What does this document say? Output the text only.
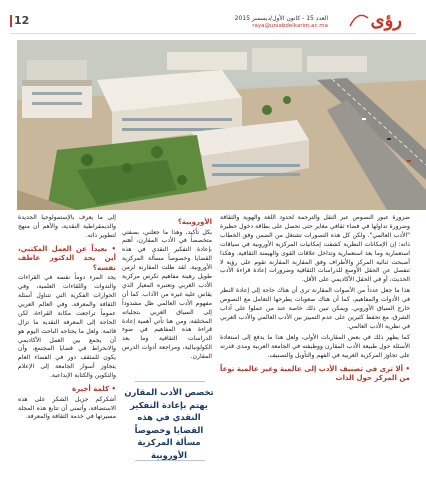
12	العدد 15 - كانون الأول/ديسمبر 2015
raya@uniabdelkarim.ac.ma رؤى

ضرورة عبور النصوص عبر النقل والترجمة لحدود اللغة والهوية والثقافة وضرورة تداولها في فضاء ثقافي مغاير حتى تحصل على بطاقة دخول حظيرة "الأدب العالمي". ولكن كل هذه التصورات تشتغل من الضمن وفق الخطاب ذاته: إن الإمكانات النظرية كشفت إمكانيات المركزية الأوروبية في سياقات استعمارية وما بعد استعمارية وتداخل علاقات القوى والهيمنة الثقافية. وهكذا أصبحت ثنائية المركز والأطراف وفق المقاربة المقارنة تقوم على رؤية لا تنفصل عن الحقل الأوسع للدراسات الثقافية وضرورات إعادة قراءة الأدب الحديث، أو في الحقل الأكاديمي على الأقل.

هذا ما جعل عدداً من الأصوات المقارنة ترى أن هناك حاجة إلى إعادة النظر في الأدوات والمفاهيم، كما أن هناك صعوبات يطرحها التعامل مع النصوص خارج السياق الأوروبي. ويمكن تبين ذلك خاصة عند من عملوا على آداب الشرق، مع تحفظ كثيرين على عدم التمييز بين الأدب العالمي والأدب الغربي في نظرية الأدب العالمي.

كما يظهر ذلك في بعض المقاربات الأولى، ولعل هذا ما يدفع إلى استعادة الأسئلة حول طبيعة الأدب المقارن ووظيفته في الجامعة العربية ومدى قدرته على تجاوز المركزية الغربية في الفهم والتأويل والتصنيف.

• ألا ترى في تصنيف الأدب إلى عالمية وغير عالمية نوعاً من المركز حول الذات
الأوروبية؟

بكل تأكيد، وهذا ما جعلني، بصفتي متخصصاً في الأدب المقارن، أهتم بإعادة التفكير النقدي في هذه القضايا وخصوصاً مسألة المركزية الأوروبية. لقد ظلت المقارنة لزمن طويل رهينة مفاهيم تكرس مركزية الأدب الغربي وتعتبره المعيار الذي يقاس عليه غيره من الآداب. كما أن مفهوم الأدب العالمي ظل مشدوداً إلى السياق الغربي بتجلياته المختلفة، ومن هنا تأتي أهمية إعادة قراءة هذه المفاهيم في ضوء الدراسات الثقافية وما بعد الكولونيالية، ومراجعة أدوات الدرس المقارن.

تخصص الأدب المقارن يهتم بإعادة التفكير النقدي في هذه القضايا وخصوصاً مسألة المركزية الأوروبية

إلى ما يعرف بالإستمولوجيا الجديدة والديمقراطية النقدية، والأهم أن منهج لتطوير ذاته.

• بعيداً عن العمل المكتبي، أين يجد الدكتور عاطف نفسه؟

يجد المرء دوماً نفسه في القراءات والندوات واللقاءات العلمية، وفي الحوارات الفكرية التي تتناول أسئلة الثقافة والمعرفة. وفي العالم العربي عموماً تراجعت مكانة القراءة، لكن الحاجة إلى المعرفة النقدية ما تزال قائمة. ولعل ما يحتاجه الباحث اليوم هو أن يجمع بين العمل الأكاديمي والانخراط في قضايا المجتمع، وأن يكون للمثقف دور في الفضاء العام يتجاوز أسوار الجامعة إلى الإعلام والتكوين والكتابة الإبداعية.

• كلمة أخيرة

أشكركم جزيل الشكر على هذه الاستضافة، وأتمنى أن تتابع هذه المجلة مسيرتها في خدمة الثقافة والمعرفة.
